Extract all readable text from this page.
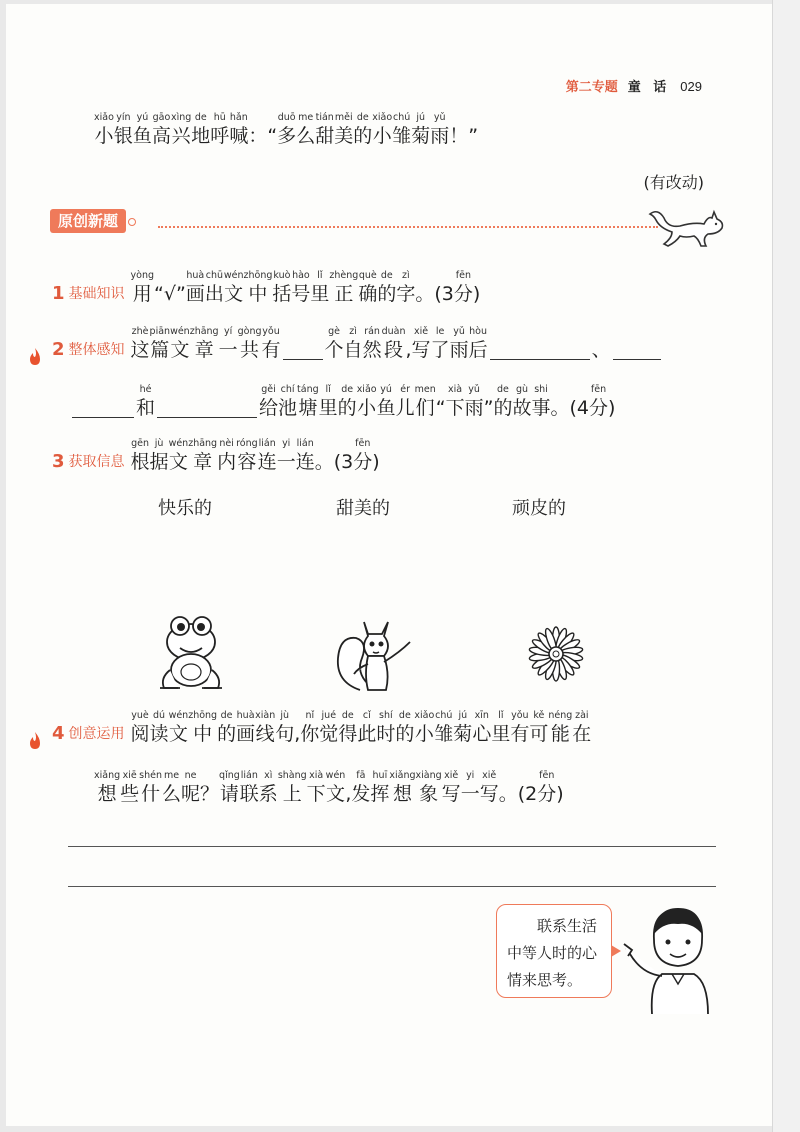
第二专题 童 话 029
xiǎo
小
yín
银
yú
鱼
gāo
高
xìng
兴
de
地
hū
呼
hǎn
喊 ： “
duō
多
me
么
tián
甜
měi
美
de
的
xiǎo
小
chú
雏
jú
菊
yǔ
雨 ！ ”
(有改动)
原创新题
1 基础知识
yòng
用 “√”
huà
画
chū
出
wén
文
zhōng
中
kuò
括
hào
号
lǐ
里
zhèng
正
què
确
de
的
zì
字 。(3
fēn
分 )
2 整体感知
zhè
这
piān
篇
wén
文
zhāng
章
yí
一
gòng
共
yǒu
有
gè
个
zì
自
rán
然
duàn
段 ,
xiě
写
le
了
yǔ
雨
hòu
后	、
hé
和
gěi
给
chí
池
táng
塘
lǐ
里
de
的
xiǎo
小
yú
鱼
ér
儿
men
们 “
xià
下
yǔ
雨 ”
de
的
gù
故
shi
事 。(4
fēn
分 )
3 获取信息
gēn
根
jù
据
wén
文
zhāng
章
nèi
内
róng
容
lián
连
yi
一
lián
连 。(3
fēn
分 )
快乐的	甜美的	顽皮的
4 创意运用
yuè
阅
dú
读
wén
文
zhōng
中
de
的
huà
画
xiàn
线
jù
句 ,
nǐ
你
jué
觉
de
得
cǐ
此
shí
时
de
的
xiǎo
小
chú
雏
jú
菊
xīn
心
lǐ
里
yǒu
有
kě
可
néng
能
zài
在
xiǎng
想
xiē
些
shén
什
me
么
ne
呢 ？
qǐng
请
lián
联
xì
系
shàng
上
xià
下
wén
文 ,
fā
发
huī
挥
xiǎng
想
xiàng
象
xiě
写
yi
一
xiě
写 。(2
fēn
分 )
　　联系生活
中等人时的心
情来思考。
